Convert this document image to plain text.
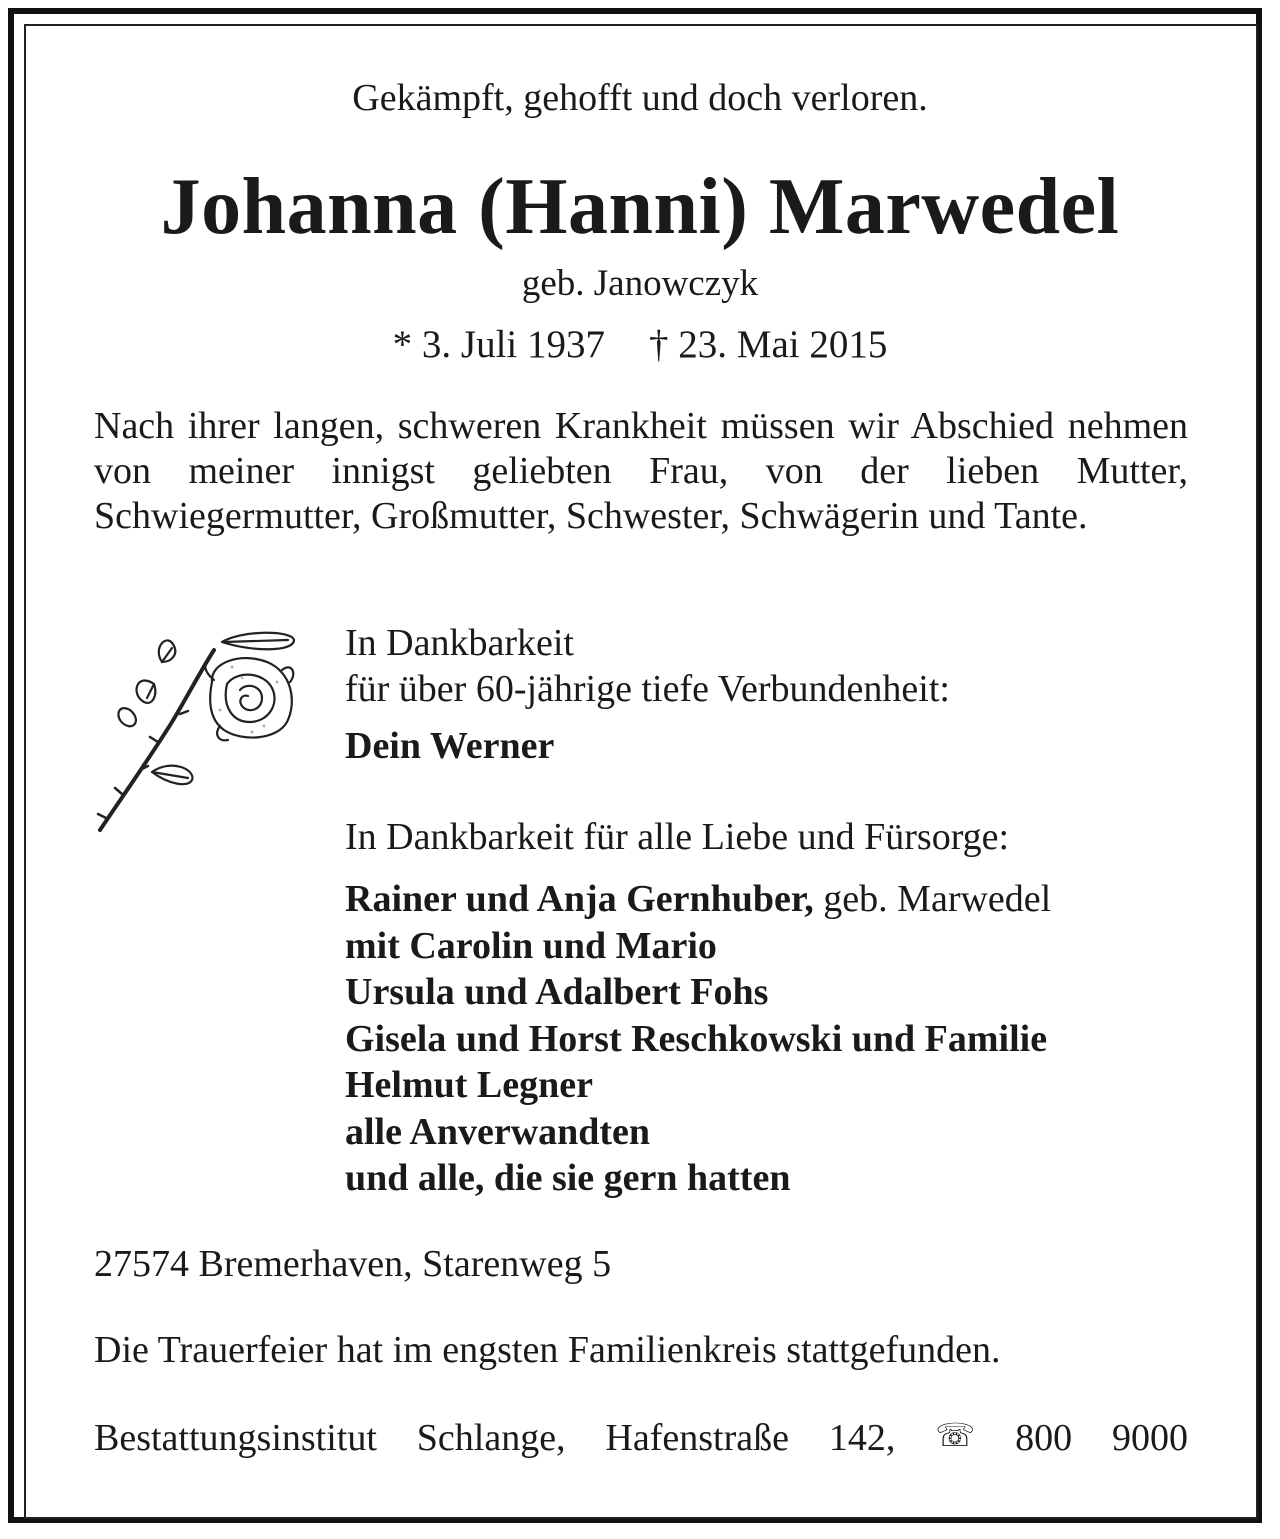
Gekämpft, gehofft und doch verloren.
Johanna (Hanni) Marwedel
geb. Janowczyk
* 3. Juli 1937 † 23. Mai 2015

Nach ihrer langen, schweren Krankheit müssen wir Abschied nehmen von meiner innigst geliebten Frau, von der lieben Mutter, Schwiegermutter, Großmutter, Schwester, Schwägerin und Tante.

In Dankbarkeit
für über 60-jährige tiefe Verbundenheit:
Dein Werner
In Dankbarkeit für alle Liebe und Fürsorge:
Rainer und Anja Gernhuber, geb. Marwedel
mit Carolin und Mario
Ursula und Adalbert Fohs
Gisela und Horst Reschkowski und Familie
Helmut Legner
alle Anverwandten
und alle, die sie gern hatten
27574 Bremerhaven, Starenweg 5
Die Trauerfeier hat im engsten Familienkreis stattgefunden.
Bestattungsinstitut Schlange, Hafenstraße 142, ☏ 800 9000
